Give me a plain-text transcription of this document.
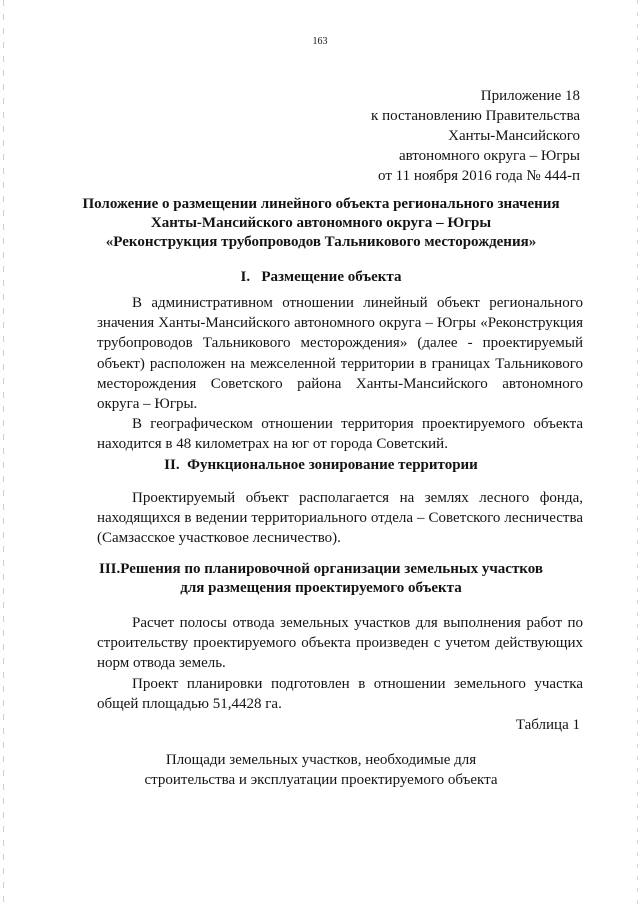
163
Приложение 18
к постановлению Правительства
Ханты-Мансийского
автономного округа – Югры
от 11 ноября 2016 года № 444-п
Положение о размещении линейного объекта регионального значения
Ханты-Мансийского автономного округа – Югры
«Реконструкция трубопроводов Тальникового месторождения»
I.   Размещение объекта
В административном отношении линейный объект регионального значения Ханты-Мансийского автономного округа – Югры «Реконструкция трубопроводов Тальникового месторождения» (далее - проектируемый объект) расположен на межселенной территории в границах Тальникового месторождения Советского района Ханты-Мансийского автономного округа – Югры.
В географическом отношении территория проектируемого объекта находится в 48 километрах на юг от города Советский.
II.  Функциональное зонирование территории
Проектируемый объект располагается на землях лесного фонда, находящихся в ведении территориального отдела – Советского лесничества (Самзасское участковое лесничество).
III.Решения по планировочной организации земельных участков
для размещения проектируемого объекта
Расчет полосы отвода земельных участков для выполнения работ по строительству проектируемого объекта произведен с учетом действующих норм отвода земель.
Проект планировки подготовлен в отношении земельного участка общей площадью 51,4428 га.
Таблица 1
Площади земельных участков, необходимые для
строительства и эксплуатации проектируемого объекта
